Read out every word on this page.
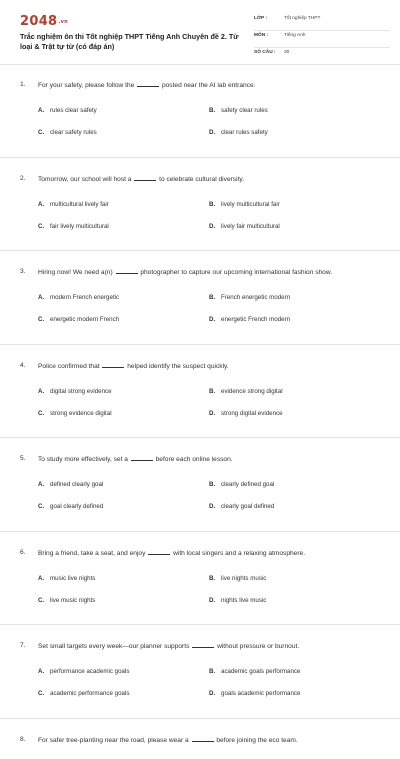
2048.vn
Trắc nghiệm ôn thi Tốt nghiệp THPT Tiếng Anh Chuyên đề 2. Từ loại & Trật tự từ (có đáp án)
LỚP :	Tốt nghiệp THPT
MÔN :	Tiếng Anh
SỐ CÂU :	30
1.	For your safety, please follow the	posted near the AI lab entrance.
A. rules clear safety	B. safety clear rules
C. clear safety rules	D. clear rules safety
2.	Tomorrow, our school will host a	to celebrate cultural diversity.
A. multicultural lively fair	B. lively multicultural fair
C. fair lively multicultural	D. lively fair multicultural
3.	Hiring now! We need a(n)	photographer to capture our upcoming international fashion show.
A. modern French energetic	B. French energetic modern
C. energetic modern French	D. energetic French modern
4.	Police confirmed that	helped identify the suspect quickly.
A. digital strong evidence	B. evidence strong digital
C. strong evidence digital	D. strong digital evidence
5.	To study more effectively, set a	before each online lesson.
A. defined clearly goal	B. clearly defined goal
C. goal clearly defined	D. clearly goal defined
6.	Bring a friend, take a seat, and enjoy	with local singers and a relaxing atmosphere.
A. music live nights	B. live nights music
C. live music nights	D. nights live music
7.	Set small targets every week—our planner supports	without pressure or burnout.
A. performance academic goals	B. academic goals performance
C. academic performance goals	D. goals academic performance
8.	For safer tree-planting near the road, please wear a	before joining the eco team.
